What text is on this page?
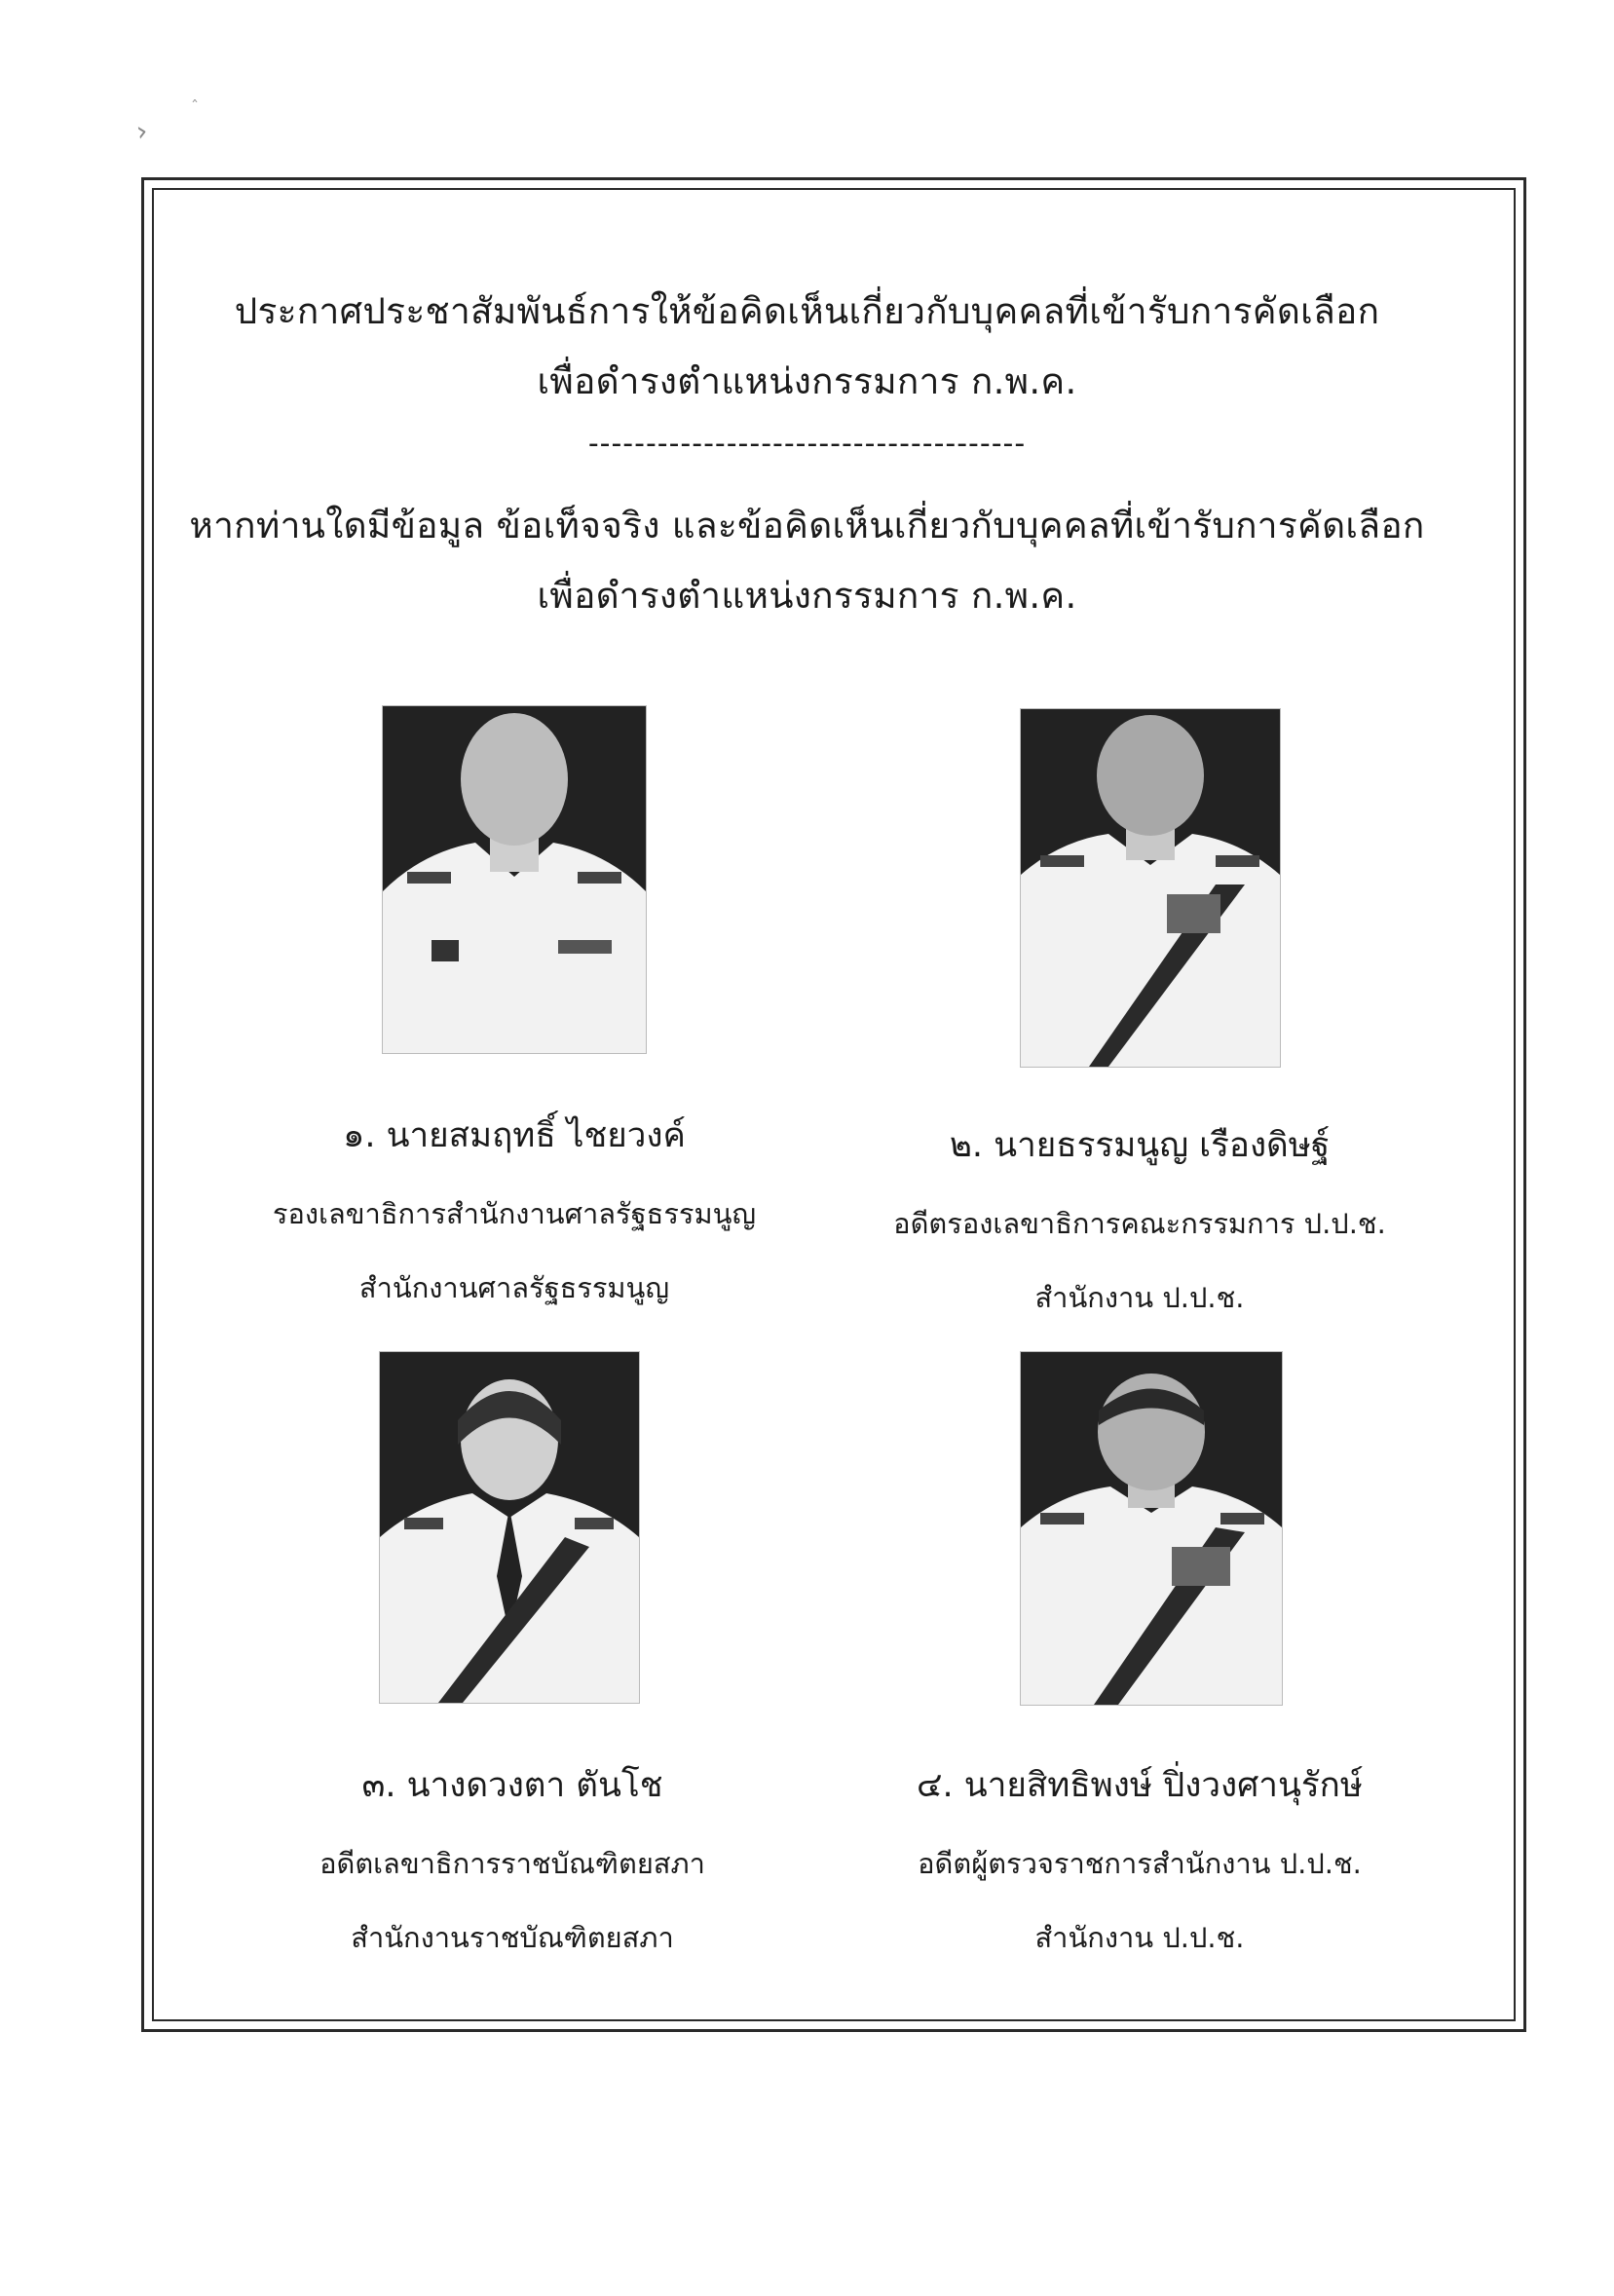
›
ˆ
ประกาศประชาสัมพันธ์การให้ข้อคิดเห็นเกี่ยวกับบุคคลที่เข้ารับการคัดเลือก
เพื่อดำรงตำแหน่งกรรมการ ก.พ.ค.
--------------------------------------
หากท่านใดมีข้อมูล ข้อเท็จจริง และข้อคิดเห็นเกี่ยวกับบุคคลที่เข้ารับการคัดเลือก
เพื่อดำรงตำแหน่งกรรมการ ก.พ.ค.
๑. นายสมฤทธิ์ ไชยวงค์
รองเลขาธิการสำนักงานศาลรัฐธรรมนูญ
สำนักงานศาลรัฐธรรมนูญ
๒. นายธรรมนูญ เรืองดิษฐ์
อดีตรองเลขาธิการคณะกรรมการ ป.ป.ช.
สำนักงาน ป.ป.ช.
๓. นางดวงตา ตันโช
อดีตเลขาธิการราชบัณฑิตยสภา
สำนักงานราชบัณฑิตยสภา
๔. นายสิทธิพงษ์ ปิ่งวงศานุรักษ์
อดีตผู้ตรวจราชการสำนักงาน ป.ป.ช.
สำนักงาน ป.ป.ช.
